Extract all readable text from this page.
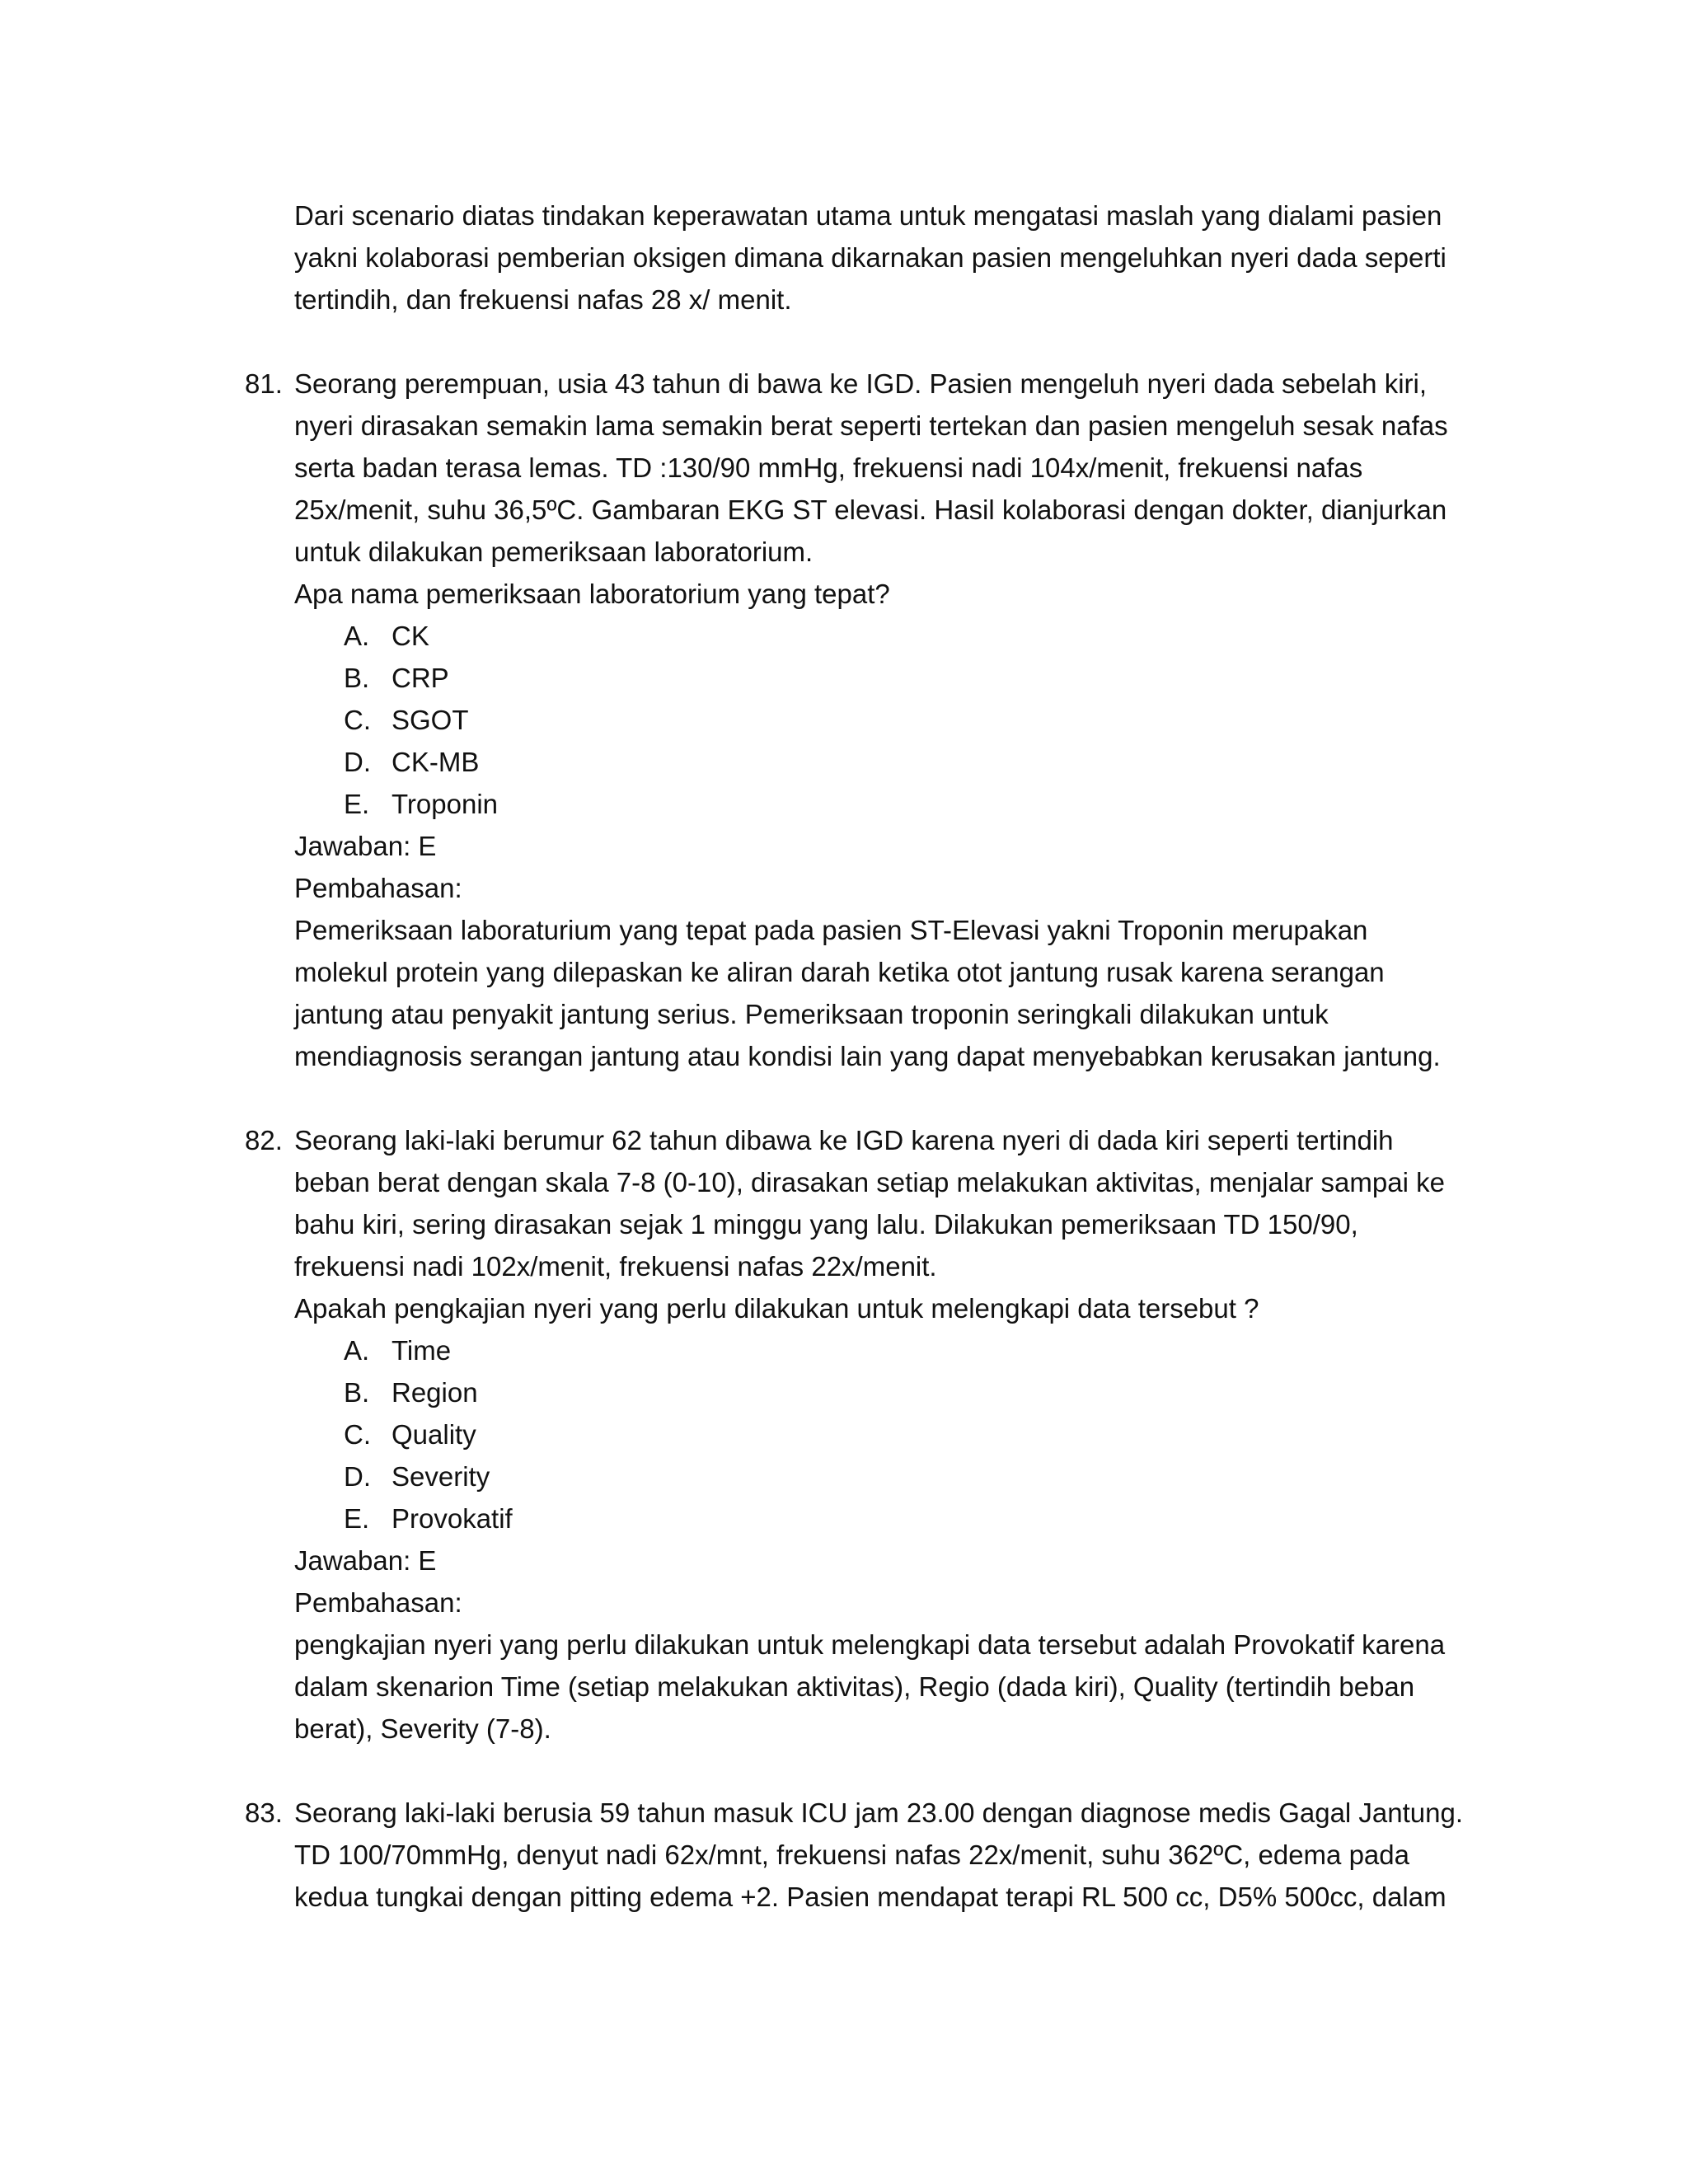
Dari scenario diatas tindakan keperawatan utama untuk mengatasi maslah yang dialami pasien
yakni kolaborasi pemberian oksigen dimana dikarnakan pasien mengeluhkan nyeri dada seperti
tertindih, dan frekuensi nafas 28 x/ menit.
81. Seorang perempuan, usia 43 tahun di bawa ke IGD. Pasien mengeluh nyeri dada sebelah kiri,
nyeri dirasakan semakin lama semakin berat seperti tertekan dan pasien mengeluh sesak nafas
serta badan terasa lemas. TD :130/90 mmHg, frekuensi nadi 104x/menit, frekuensi nafas
25x/menit, suhu 36,5ºC. Gambaran EKG ST elevasi. Hasil kolaborasi dengan dokter, dianjurkan
untuk dilakukan pemeriksaan laboratorium.
Apa nama pemeriksaan laboratorium yang tepat?
A. CK
B. CRP
C. SGOT
D. CK-MB
E. Troponin
Jawaban: E
Pembahasan:
Pemeriksaan laboraturium yang tepat pada pasien ST-Elevasi yakni Troponin merupakan
molekul protein yang dilepaskan ke aliran darah ketika otot jantung rusak karena serangan
jantung atau penyakit jantung serius. Pemeriksaan troponin seringkali dilakukan untuk
mendiagnosis serangan jantung atau kondisi lain yang dapat menyebabkan kerusakan jantung.
82. Seorang laki-laki berumur 62 tahun dibawa ke IGD karena nyeri di dada kiri seperti tertindih
beban berat dengan skala 7-8 (0-10), dirasakan setiap melakukan aktivitas, menjalar sampai ke
bahu kiri, sering dirasakan sejak 1 minggu yang lalu. Dilakukan pemeriksaan TD 150/90,
frekuensi nadi 102x/menit, frekuensi nafas 22x/menit.
Apakah pengkajian nyeri yang perlu dilakukan untuk melengkapi data tersebut ?
A. Time
B. Region
C. Quality
D. Severity
E. Provokatif
Jawaban: E
Pembahasan:
pengkajian nyeri yang perlu dilakukan untuk melengkapi data tersebut adalah Provokatif karena
dalam skenarion Time (setiap melakukan aktivitas), Regio (dada kiri), Quality (tertindih beban
berat), Severity (7-8).
83. Seorang laki-laki berusia 59 tahun masuk ICU jam 23.00 dengan diagnose medis Gagal Jantung.
TD 100/70mmHg, denyut nadi 62x/mnt, frekuensi nafas 22x/menit, suhu 362ºC, edema pada
kedua tungkai dengan pitting edema +2. Pasien mendapat terapi RL 500 cc, D5% 500cc, dalam
